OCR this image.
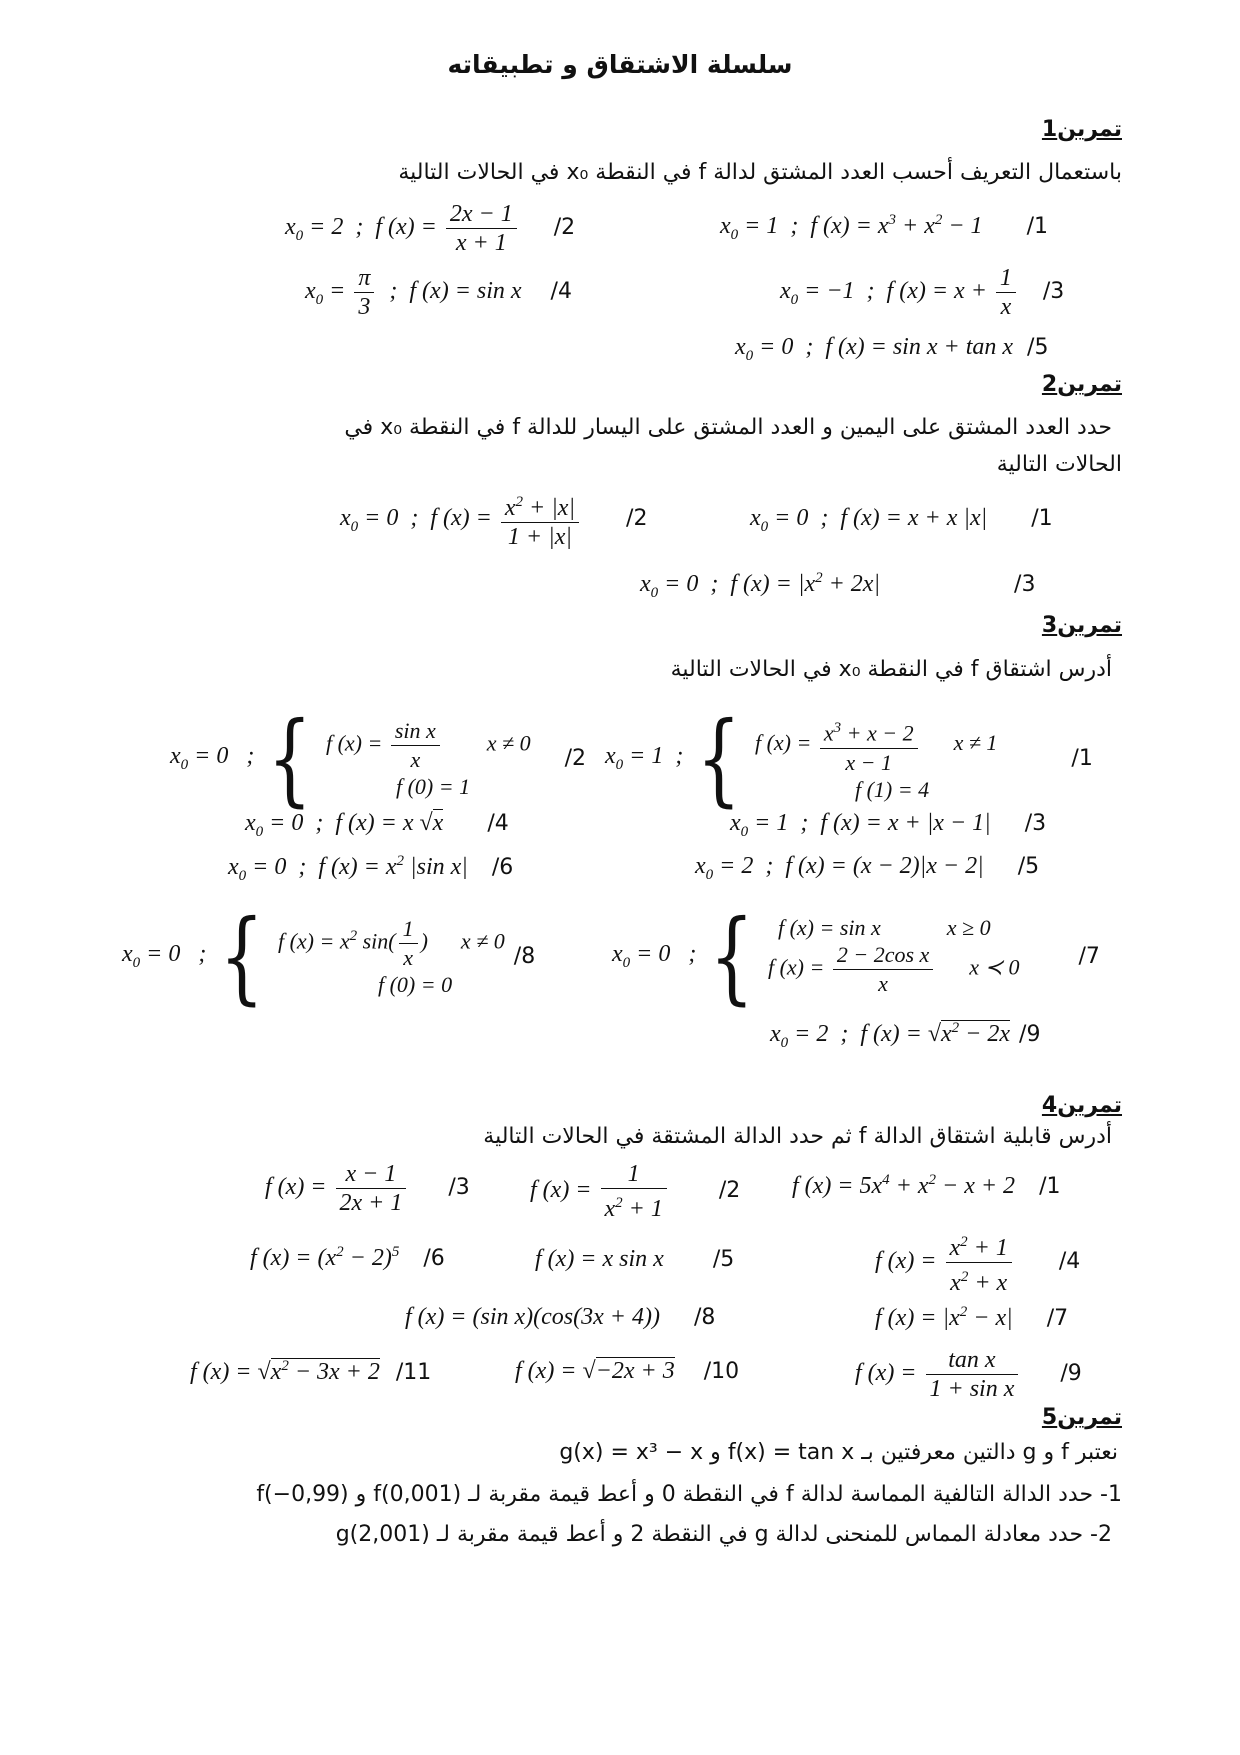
سلسلة الاشتقاق و تطبيقاته
تمرين1
باستعمال التعريف أحسب العدد المشتق لدالة f في النقطة x₀ في الحالات التالية
$x_0 = 1$  ;  f $(x) = x^3 + x^2 - 1$ /1
$x_0 = 2$  ;  f $(x) = \frac{2x - 1}{x + 1} /2$
$x_0 = -1$  ;  f $(x) = x + \frac{1}{x} /3$
$x_0 = \frac{\pi}{3}$ ;  f (x) = sin x /4
$x_0 = 0$  ;  f (x) = sin x + tan x /5
تمرين2
حدد العدد المشتق على اليمين و العدد المشتق على اليسار للدالة f في النقطة x₀ في
الحالات التالية
$x_0 = 0$  ;  f (x) = x + x |x| /1
$x_0 = 0$  ;  f $(x) = \frac{x^2 + |x|}{1 + |x|} /2$
$x_0 = 0$  ;  f $(x) = |x^2 + 2x|$	/3
تمرين3
أدرس اشتقاق f في النقطة x₀ في الحالات التالية
$x_0 = 1$  ; { f $(x) = \frac{x^3 + x - 2}{x - 1}$ x ≠ 1
f (1) = 4
/1
$x_0 = 0$   ; { f $(x) = \frac{\text{sin x}}{x}$ x ≠ 0
f (0) = 1
/2
$x_0 = 1$  ;  f (x) = x + |x − 1| /3
$x_0 = 0$  ;  f (x) = x √x /4
$x_0 = 2$  ;  f (x) = (x − 2)|x − 2| /5
$x_0 = 0$  ;  f $(x) = x^2$ |sin x| /6
$x_0 = 0$   ; {	f (x) = sin x            x ≥ 0
f $(x) = \frac{\text{2 − 2cos x}}{x}$ x ≺ 0	/7
$x_0 = 0$   ; { f $(x) = x^2$ $\sin( \frac{1}{x}$ )      x ≠ 0
f (0) = 0
/8
$x_0 = 2$  ;  f $(x) = √x^2 - 2x$ /9
تمرين4
أدرس قابلية اشتقاق الدالة f ثم حدد الدالة المشتقة في الحالات التالية
f $(x) = 5x^4 + x^2 - x + 2$ /1
f $(x) = \frac{1}{x^2 + 1} /2$
f $(x) = \frac{x - 1}{2x + 1} /3$
f $(x) = \frac{x^2 + 1}{x^2 + x} /4$
f (x) = x sin x /5
f $(x) = (x^2 - 2)^5$ /6
f $(x) = |x^2 - x|$ /7
f (x) = (sin x)(cos(3x + 4)) /8
f $(x) = \frac{\text{tan x}}{\text{1 + sin x}} /9$
f (x) = √−2x + 3 /10
f $(x) = √x^2 - 3x + 2$ /11
تمرين5
نعتبر f و g دالتين معرفتين بـ f(x) = tan x و g(x) = x³ − x
1- حدد الدالة التالفية المماسة لدالة f في النقطة 0 و أعط قيمة مقربة لـ f(0,001) و f(−0,99)
2- حدد معادلة المماس للمنحنى لدالة g في النقطة 2 و أعط قيمة مقربة لـ g(2,001)
